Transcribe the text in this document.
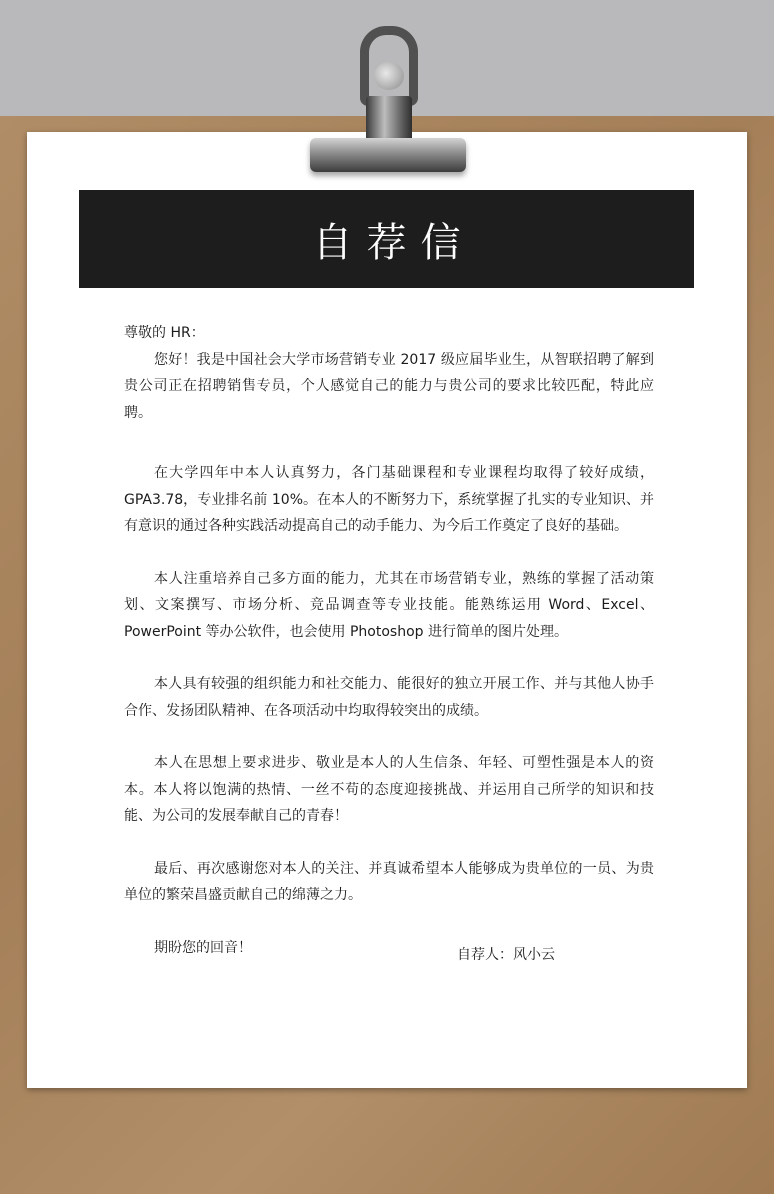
自荐信

尊敬的 HR：

您好！我是中国社会大学市场营销专业 2017 级应届毕业生，从智联招聘了解到贵公司正在招聘销售专员，个人感觉自己的能力与贵公司的要求比较匹配，特此应聘。

在大学四年中本人认真努力，各门基础课程和专业课程均取得了较好成绩，GPA3.78，专业排名前 10%。在本人的不断努力下，系统掌握了扎实的专业知识、并有意识的通过各种实践活动提高自己的动手能力、为今后工作奠定了良好的基础。

本人注重培养自己多方面的能力，尤其在市场营销专业，熟练的掌握了活动策划、文案撰写、市场分析、竞品调查等专业技能。能熟练运用 Word、Excel、PowerPoint 等办公软件，也会使用 Photoshop 进行简单的图片处理。

本人具有较强的组织能力和社交能力、能很好的独立开展工作、并与其他人协手合作、发扬团队精神、在各项活动中均取得较突出的成绩。

本人在思想上要求进步、敬业是本人的人生信条、年轻、可塑性强是本人的资本。本人将以饱满的热情、一丝不苟的态度迎接挑战、并运用自己所学的知识和技能、为公司的发展奉献自己的青春！

最后、再次感谢您对本人的关注、并真诚希望本人能够成为贵单位的一员、为贵单位的繁荣昌盛贡献自己的绵薄之力。

期盼您的回音！	自荐人：风小云
